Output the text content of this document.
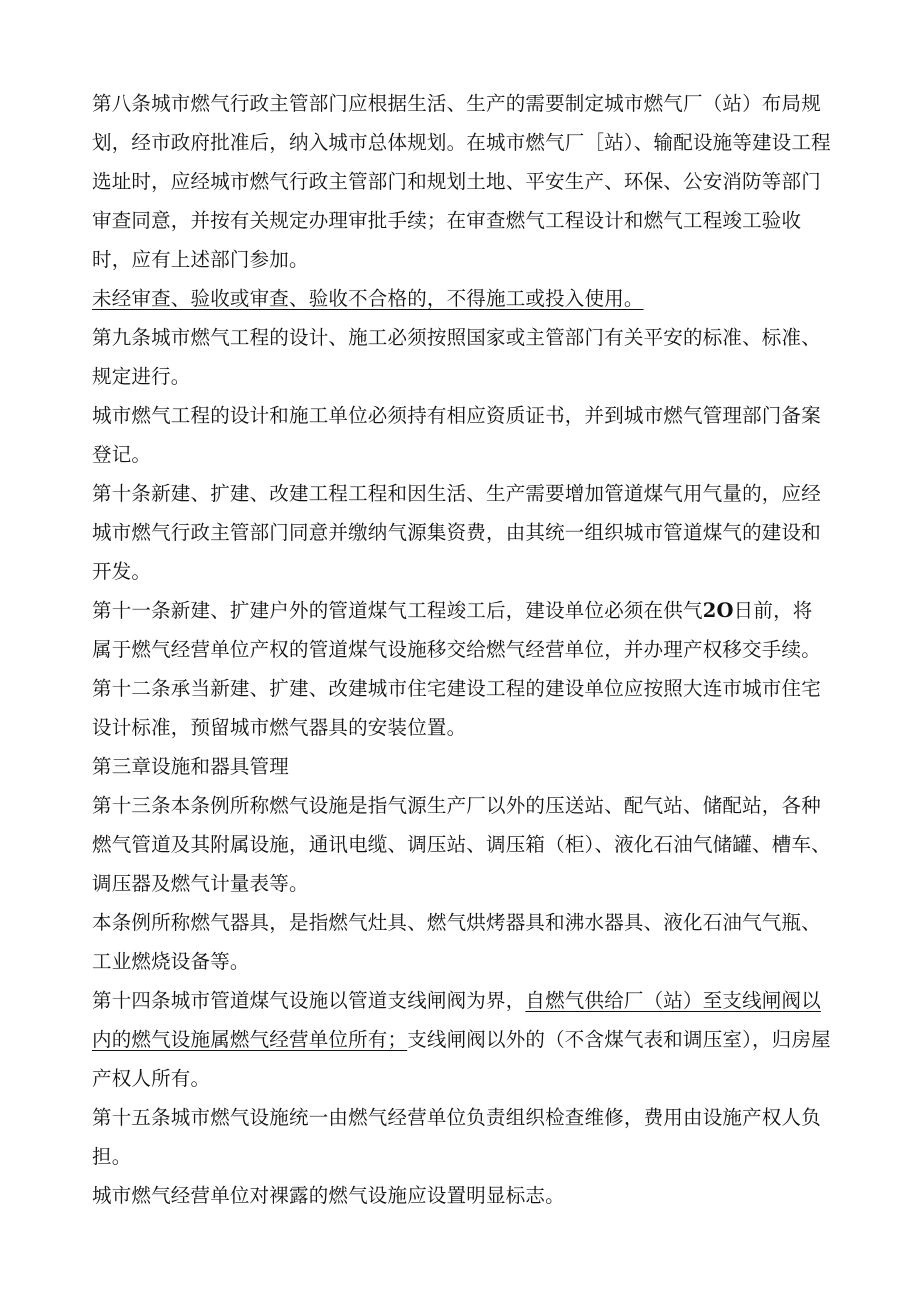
第八条城市燃气行政主管部门应根据生活、生产的需要制定城市燃气厂（站）布局规划，经市政府批准后，纳入城市总体规划。在城市燃气厂［站）、输配设施等建设工程选址时，应经城市燃气行政主管部门和规划土地、平安生产、环保、公安消防等部门审查同意，并按有关规定办理审批手续；在审查燃气工程设计和燃气工程竣工验收时，应有上述部门参加。

未经审查、验收或审查、验收不合格的，不得施工或投入使用。

第九条城市燃气工程的设计、施工必须按照国家或主管部门有关平安的标准、标准、规定进行。

城市燃气工程的设计和施工单位必须持有相应资质证书，并到城市燃气管理部门备案登记。

第十条新建、扩建、改建工程工程和因生活、生产需要增加管道煤气用气量的，应经城市燃气行政主管部门同意并缴纳气源集资费，由其统一组织城市管道煤气的建设和开发。

第十一条新建、扩建户外的管道煤气工程竣工后，建设单位必须在供气2O日前，将属于燃气经营单位产权的管道煤气设施移交给燃气经营单位，并办理产权移交手续。

第十二条承当新建、扩建、改建城市住宅建设工程的建设单位应按照大连市城市住宅设计标准，预留城市燃气器具的安装位置。

第三章设施和器具管理

第十三条本条例所称燃气设施是指气源生产厂以外的压送站、配气站、储配站，各种燃气管道及其附属设施，通讯电缆、调压站、调压箱（柜）、液化石油气储罐、槽车、调压器及燃气计量表等。

本条例所称燃气器具，是指燃气灶具、燃气烘烤器具和沸水器具、液化石油气气瓶、工业燃烧设备等。

第十四条城市管道煤气设施以管道支线闸阀为界，自燃气供给厂（站）至支线闸阀以内的燃气设施属燃气经营单位所有；支线闸阀以外的（不含煤气表和调压室），归房屋产权人所有。

第十五条城市燃气设施统一由燃气经营单位负责组织检查维修，费用由设施产权人负担。

城市燃气经营单位对裸露的燃气设施应设置明显标志。
